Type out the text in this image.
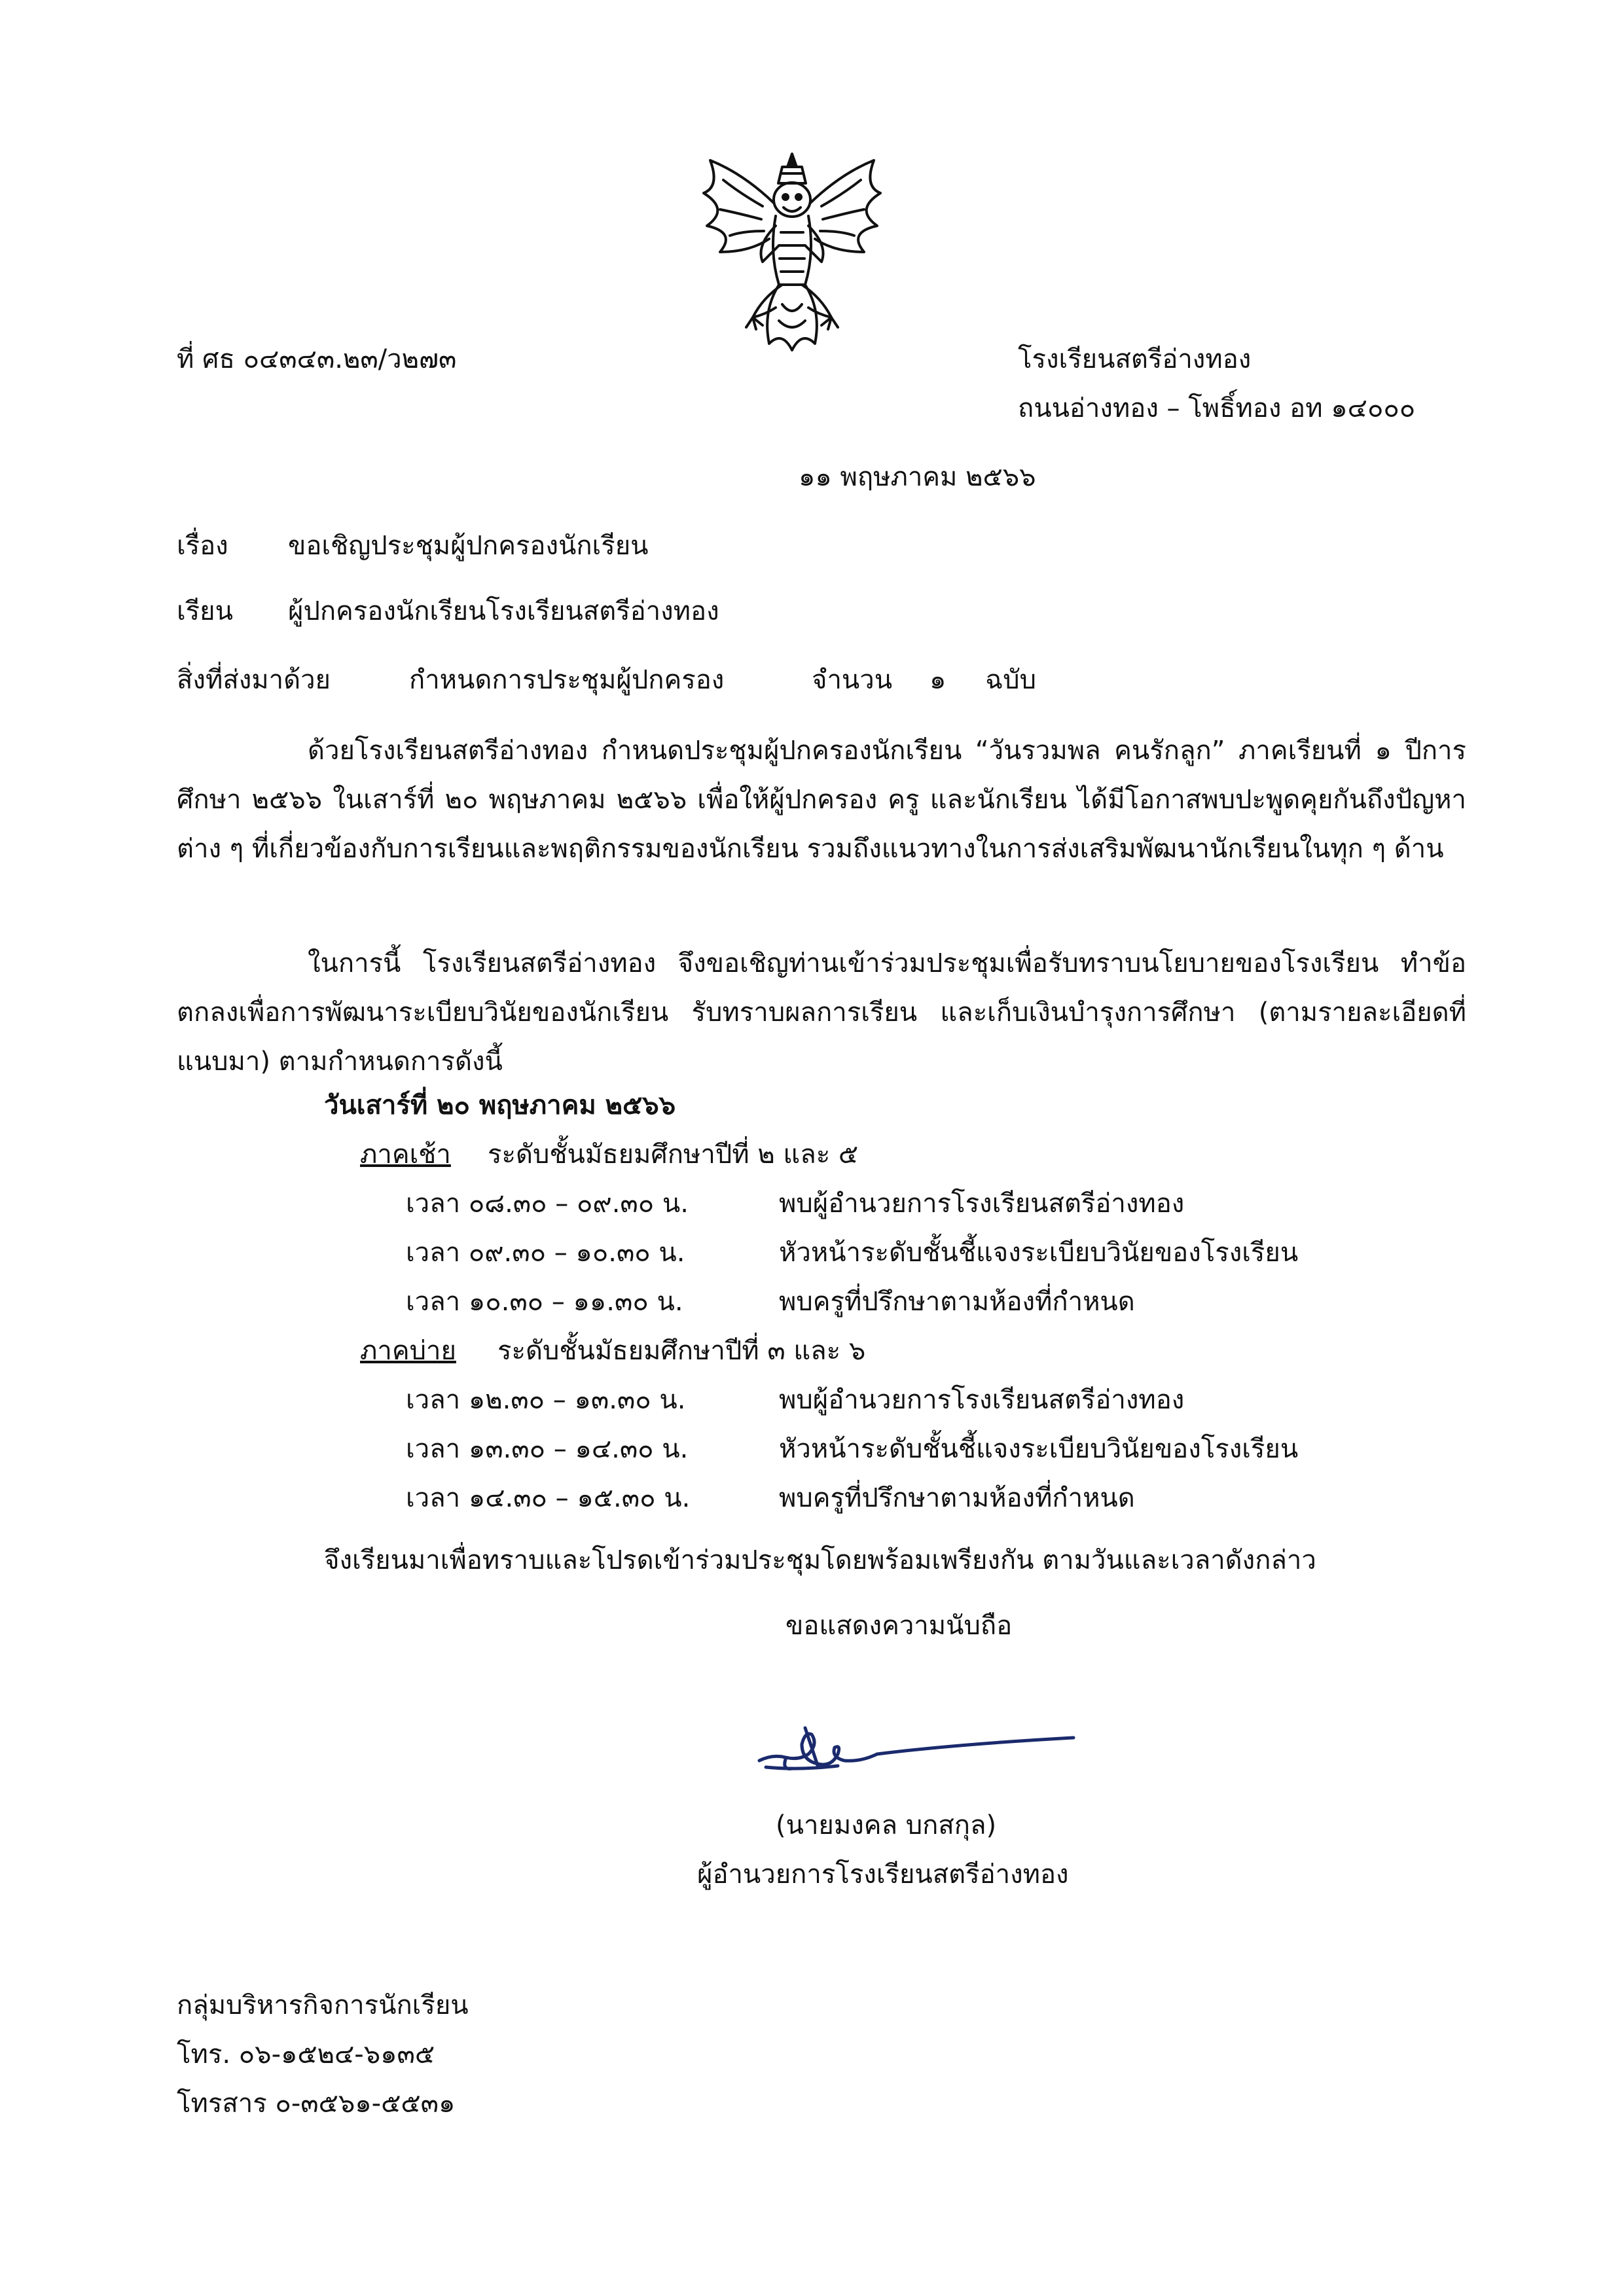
ที่ ศธ ๐๔๓๔๓.๒๓/ว๒๗๓	โรงเรียนสตรีอ่างทอง
ถนนอ่างทอง – โพธิ์ทอง อท ๑๔๐๐๐
๑๑ พฤษภาคม ๒๕๖๖
เรื่อง ขอเชิญประชุมผู้ปกครองนักเรียน
เรียน ผู้ปกครองนักเรียนโรงเรียนสตรีอ่างทอง
สิ่งที่ส่งมาด้วย	กำหนดการประชุมผู้ปกครอง	จำนวน ๑ ฉบับ
ด้วยโรงเรียนสตรีอ่างทอง กำหนดประชุมผู้ปกครองนักเรียน “วันรวมพล คนรักลูก” ภาคเรียนที่ ๑ ปีการศึกษา ๒๕๖๖ ในเสาร์ที่ ๒๐ พฤษภาคม ๒๕๖๖ เพื่อให้ผู้ปกครอง ครู และนักเรียน ได้มีโอกาสพบปะพูดคุยกันถึงปัญหาต่าง ๆ ที่เกี่ยวข้องกับการเรียนและพฤติกรรมของนักเรียน รวมถึงแนวทางในการส่งเสริมพัฒนานักเรียนในทุก ๆ ด้าน
ในการนี้ โรงเรียนสตรีอ่างทอง จึงขอเชิญท่านเข้าร่วมประชุมเพื่อรับทราบนโยบายของโรงเรียน ทำข้อตกลงเพื่อการพัฒนาระเบียบวินัยของนักเรียน รับทราบผลการเรียน และเก็บเงินบำรุงการศึกษา (ตามรายละเอียดที่แนบมา) ตามกำหนดการดังนี้
วันเสาร์ที่ ๒๐ พฤษภาคม ๒๕๖๖
ภาคเช้า ระดับชั้นมัธยมศึกษาปีที่ ๒ และ ๕
เวลา ๐๘.๓๐ – ๐๙.๓๐ น.	พบผู้อำนวยการโรงเรียนสตรีอ่างทอง
เวลา ๐๙.๓๐ – ๑๐.๓๐ น.	หัวหน้าระดับชั้นชี้แจงระเบียบวินัยของโรงเรียน
เวลา ๑๐.๓๐ – ๑๑.๓๐ น.	พบครูที่ปรึกษาตามห้องที่กำหนด
ภาคบ่าย ระดับชั้นมัธยมศึกษาปีที่ ๓ และ ๖
เวลา ๑๒.๓๐ – ๑๓.๓๐ น.	พบผู้อำนวยการโรงเรียนสตรีอ่างทอง
เวลา ๑๓.๓๐ – ๑๔.๓๐ น.	หัวหน้าระดับชั้นชี้แจงระเบียบวินัยของโรงเรียน
เวลา ๑๔.๓๐ – ๑๕.๓๐ น.	พบครูที่ปรึกษาตามห้องที่กำหนด
จึงเรียนมาเพื่อทราบและโปรดเข้าร่วมประชุมโดยพร้อมเพรียงกัน ตามวันและเวลาดังกล่าว
ขอแสดงความนับถือ
(นายมงคล บกสกุล)
ผู้อำนวยการโรงเรียนสตรีอ่างทอง
กลุ่มบริหารกิจการนักเรียน
โทร. ๐๖-๑๕๒๔-๖๑๓๕
โทรสาร ๐-๓๕๖๑-๕๕๓๑
